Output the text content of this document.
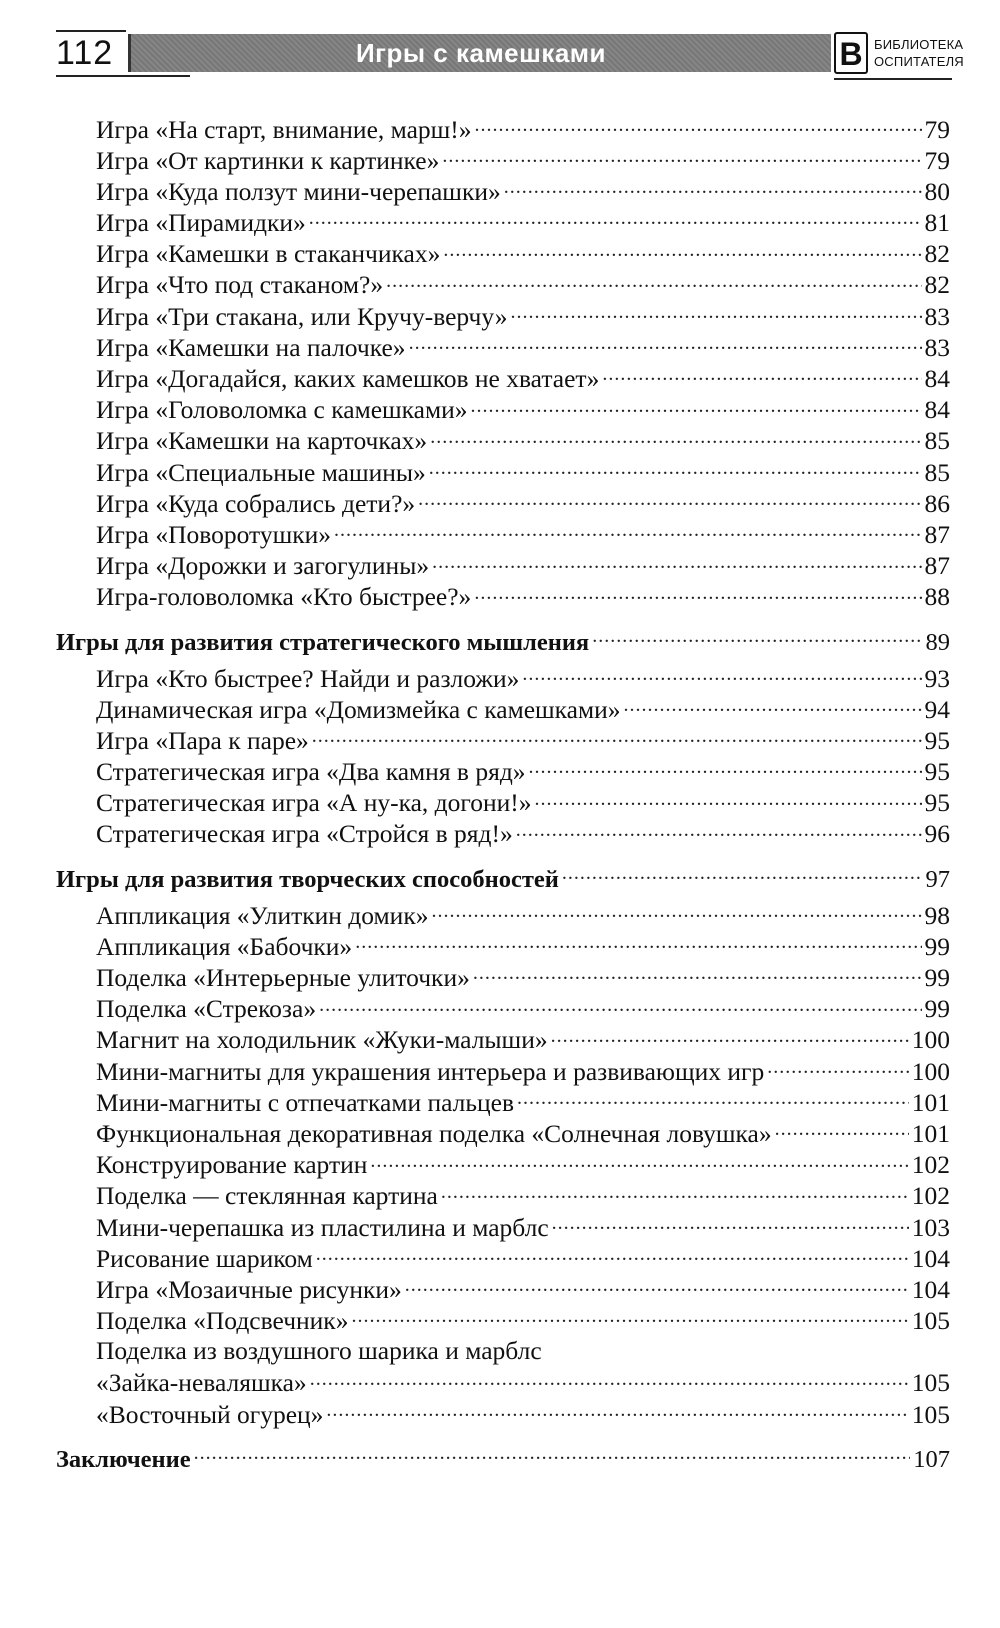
112	Игры с камешками	В БИБЛИОТЕКА
ОСПИТАТЕЛЯ
Игра «На старт, внимание, марш!» .....	79
Игра «От картинки к картинке» .....	79
Игра «Куда ползут мини-черепашки» .....	80
Игра «Пирамидки» .....	81
Игра «Камешки в стаканчиках» .....	82
Игра «Что под стаканом?» .....	82
Игра «Три стакана, или Кручу-верчу» .....	83
Игра «Камешки на палочке» .....	83
Игра «Догадайся, каких камешков не хватает» .....	84
Игра «Головоломка с камешками» .....	84
Игра «Камешки на карточках» .....	85
Игра «Специальные машины» .....	85
Игра «Куда собрались дети?» .....	86
Игра «Поворотушки» .....	87
Игра «Дорожки и загогулины» .....	87
Игра-головоломка «Кто быстрее?» .....	88
Игры для развития стратегического мышления .....	89
Игра «Кто быстрее? Найди и разложи» .....	93
Динамическая игра «Домизмейка с камешками» .....	94
Игра «Пара к паре» .....	95
Стратегическая игра «Два камня в ряд» .....	95
Стратегическая игра «А ну-ка, догони!» .....	95
Стратегическая игра «Стройся в ряд!» .....	96
Игры для развития творческих способностей .....	97
Аппликация «Улиткин домик» .....	98
Аппликация «Бабочки» .....	99
Поделка «Интерьерные улиточки» .....	99
Поделка «Стрекоза» .....	99
Магнит на холодильник «Жуки-малыши» .....	100
Мини-магниты для украшения интерьера и развивающих игр .....	100
Мини-магниты с отпечатками пальцев .....	101
Функциональная декоративная поделка «Солнечная ловушка» .....	101
Конструирование картин .....	102
Поделка — стеклянная картина .....	102
Мини-черепашка из пластилина и марблс .....	103
Рисование шариком .....	104
Игра «Мозаичные рисунки» .....	104
Поделка «Подсвечник» .....	105
Поделка из воздушного шарика и марблс
«Зайка-неваляшка» .....	105
«Восточный огурец» .....	105
Заключение .....	107
